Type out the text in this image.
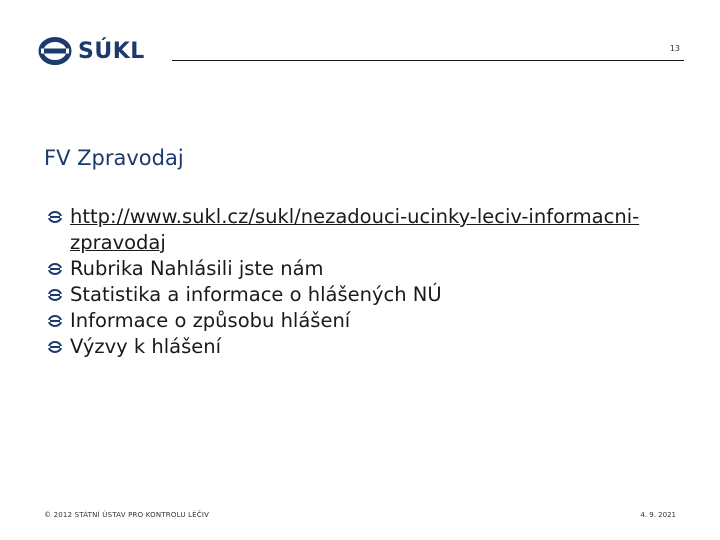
SÚKL	13
FV Zpravodaj
http://www.sukl.cz/sukl/nezadouci-ucinky-leciv-informacni-zpravodaj
Rubrika Nahlásili jste nám
Statistika a informace o hlášených NÚ
Informace o způsobu hlášení
Výzvy k hlášení
© 2012 STÁTNÍ ÚSTAV PRO KONTROLU LÉČIV	4. 9. 2021
